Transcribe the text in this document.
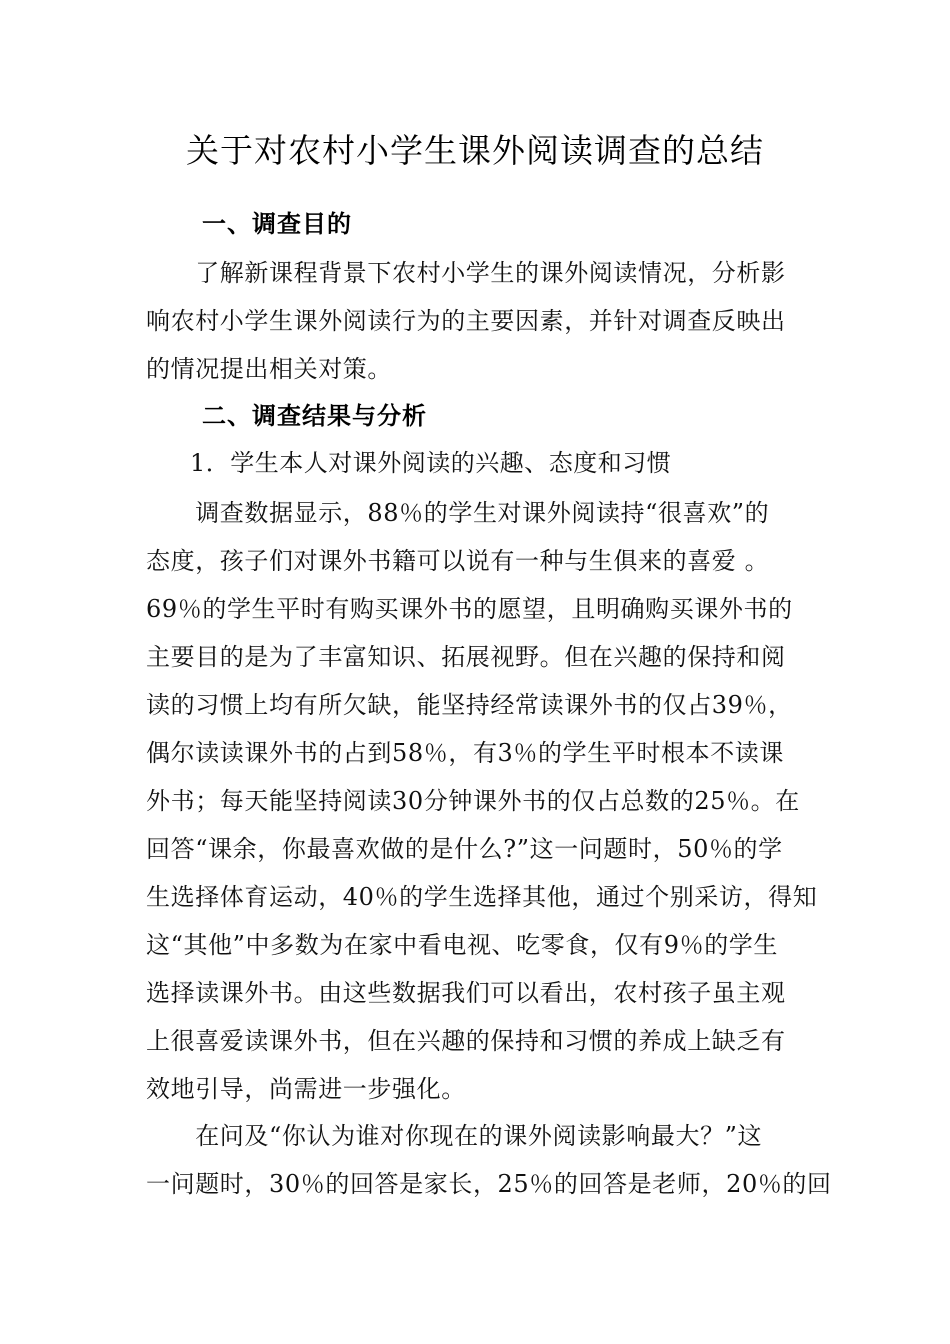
关于对农村小学生课外阅读调查的总结
一、调查目的
　　了解新课程背景下农村小学生的课外阅读情况，分析影
响农村小学生课外阅读行为的主要因素，并针对调查反映出
的情况提出相关对策。
二、调查结果与分析
1．学生本人对课外阅读的兴趣、态度和习惯
　　调查数据显示，88％的学生对课外阅读持“很喜欢”的
态度，孩子们对课外书籍可以说有一种与生俱来的喜爱 。
69％的学生平时有购买课外书的愿望，且明确购买课外书的
主要目的是为了丰富知识、拓展视野。但在兴趣的保持和阅
读的习惯上均有所欠缺，能坚持经常读课外书的仅占39％，
偶尔读读课外书的占到58％，有3％的学生平时根本不读课
外书；每天能坚持阅读30分钟课外书的仅占总数的25％。在
回答“课余，你最喜欢做的是什么?”这一问题时，50％的学
生选择体育运动，40％的学生选择其他，通过个别采访，得知
这“其他”中多数为在家中看电视、吃零食，仅有9％的学生
选择读课外书。由这些数据我们可以看出，农村孩子虽主观
上很喜爱读课外书，但在兴趣的保持和习惯的养成上缺乏有
效地引导，尚需进一步强化。
　　在问及“你认为谁对你现在的课外阅读影响最大？”这
一问题时，30％的回答是家长，25％的回答是老师，20％的回
